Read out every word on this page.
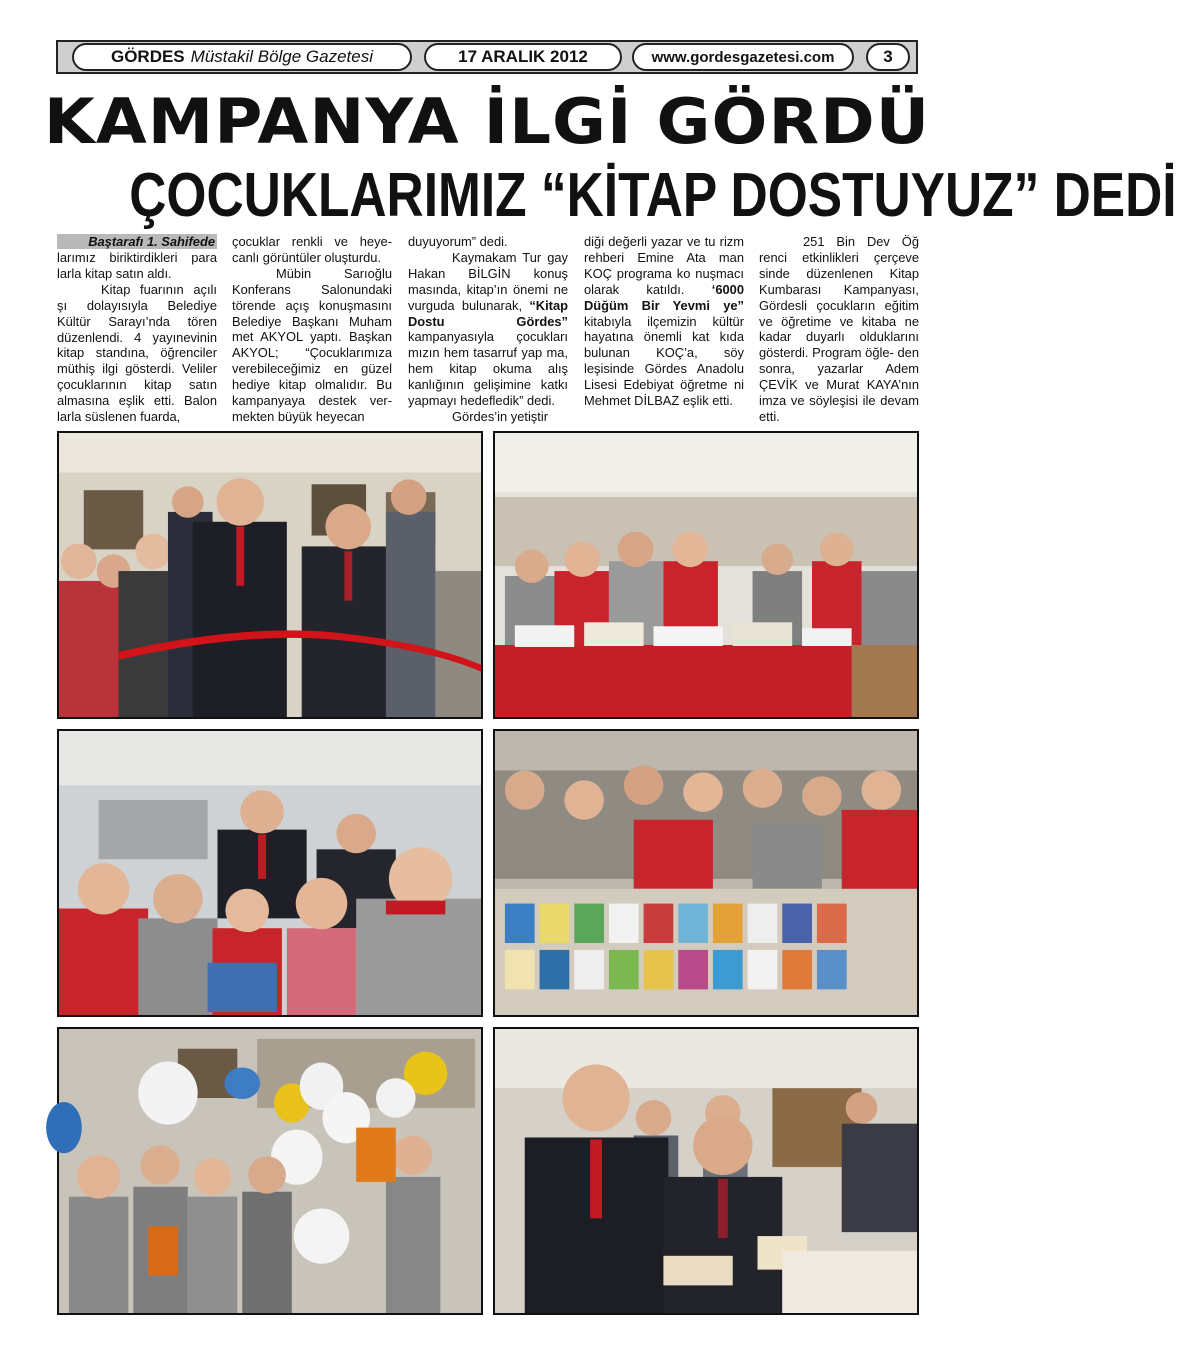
GÖRDES Müstakil Bölge Gazetesi	17 ARALIK 2012	www.gordesgazetesi.com	3
KAMPANYA İLGİ GÖRDÜ
ÇOCUKLARIMIZ “KİTAP DOSTUYUZ” DEDİ
Baştarafı 1. Sahifede

larımız biriktirdikleri para larla kitap satın aldı.

Kitap fuarının açılı şı dolayısıyla Belediye Kültür Sarayı’nda tören düzenlendi. 4 yayınevinin kitap standına, öğrenciler müthiş ilgi gösterdi. Veliler çocuklarının kitap satın almasına eşlik etti. Balon larla süslenen fuarda,

çocuklar renkli ve heye- canlı görüntüler oluşturdu.

Mübin Sarıoğlu Konferans Salonundaki törende açış konuşmasını Belediye Başkanı Muham met AKYOL yaptı. Başkan AKYOL; “Çocuklarımıza verebileceğimiz en güzel hediye kitap olmalıdır. Bu kampanyaya destek ver- mekten büyük heyecan

duyuyorum” dedi.

Kaymakam Tur gay Hakan BİLGİN konuş masında, kitap’ın önemi ne vurguda bulunarak, “Kitap Dostu Gördes” kampanyasıyla çocukları mızın hem tasarruf yap ma, hem kitap okuma alış kanlığının gelişimine katkı yapmayı hedefledik” dedi.

Gördes’in yetiştir

diği değerli yazar ve tu rizm rehberi Emine Ata man KOÇ programa ko nuşmacı olarak katıldı. ‘6000 Düğüm Bir Yevmi ye” kitabıyla ilçemizin kültür hayatına önemli kat kıda bulunan KOÇ’a, söy leşisinde Gördes Anadolu Lisesi Edebiyat öğretme ni Mehmet DİLBAZ eşlik etti.

251 Bin Dev Öğ renci etkinlikleri çerçeve sinde düzenlenen Kitap Kumbarası Kampanyası, Gördesli çocukların eğitim ve öğretime ve kitaba ne kadar duyarlı olduklarını gösterdi. Program öğle- den sonra, yazarlar Adem ÇEVİK ve Murat KAYA’nın imza ve söyleşisi ile devam etti.
